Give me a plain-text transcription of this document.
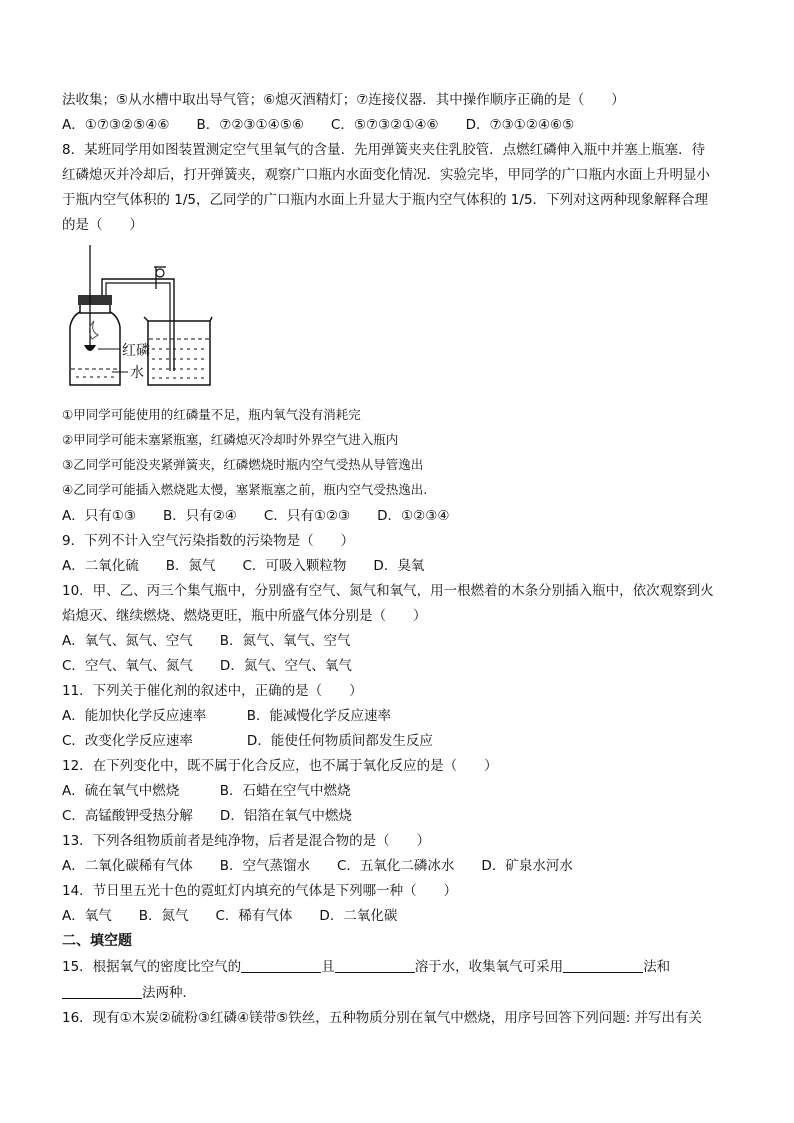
法收集；⑤从水槽中取出导气管；⑥熄灭酒精灯；⑦连接仪器．其中操作顺序正确的是（　　）
A．①⑦③②⑤④⑥　　B．⑦②③①④⑤⑥　　C．⑤⑦③②①④⑥　　D．⑦③①②④⑥⑤
8．某班同学用如图装置测定空气里氧气的含量．先用弹簧夹夹住乳胶管．点燃红磷伸入瓶中并塞上瓶塞．待
红磷熄灭并冷却后，打开弹簧夹，观察广口瓶内水面变化情况．实验完毕，甲同学的广口瓶内水面上升明显小
于瓶内空气体积的 1/5，乙同学的广口瓶内水面上升显大于瓶内空气体积的 1/5．下列对这两种现象解释合理
的是（　　）
红磷
水
①甲同学可能使用的红磷量不足，瓶内氧气没有消耗完
②甲同学可能未塞紧瓶塞，红磷熄灭冷却时外界空气进入瓶内
③乙同学可能没夹紧弹簧夹，红磷燃烧时瓶内空气受热从导管逸出
④乙同学可能插入燃烧匙太慢，塞紧瓶塞之前，瓶内空气受热逸出.
A．只有①③　　B．只有②④　　C．只有①②③　　D．①②③④
9．下列不计入空气污染指数的污染物是（　　）
A．二氧化硫　　B．氮气　　C．可吸入颗粒物　　D．臭氧
10．甲、乙、丙三个集气瓶中，分别盛有空气、氮气和氧气，用一根燃着的木条分别插入瓶中，依次观察到火
焰熄灭、继续燃烧、燃烧更旺，瓶中所盛气体分别是（　　）
A．氧气、氮气、空气　　B．氮气、氧气、空气
C．空气、氧气、氮气　　D．氮气、空气、氧气
11．下列关于催化剂的叙述中，正确的是（　　）
A．能加快化学反应速率　　　B．能减慢化学反应速率
C．改变化学反应速率　　　　D．能使任何物质间都发生反应
12．在下列变化中，既不属于化合反应，也不属于氧化反应的是（　　）
A．硫在氧气中燃烧　　　B．石蜡在空气中燃烧
C．高锰酸钾受热分解　　D．铝箔在氧气中燃烧
13．下列各组物质前者是纯净物，后者是混合物的是（　　）
A．二氧化碳稀有气体　　B．空气蒸馏水　　C．五氧化二磷冰水　　D．矿泉水河水
14．节日里五光十色的霓虹灯内填充的气体是下列哪一种（　　）
A．氧气　　B．氮气　　C．稀有气体　　D．二氧化碳
二、填空题
15．根据氧气的密度比空气的	且	溶于水，收集氧气可采用	法和
法两种．
16．现有①木炭②硫粉③红磷④镁带⑤铁丝，五种物质分别在氧气中燃烧，用序号回答下列问题: 并写出有关
